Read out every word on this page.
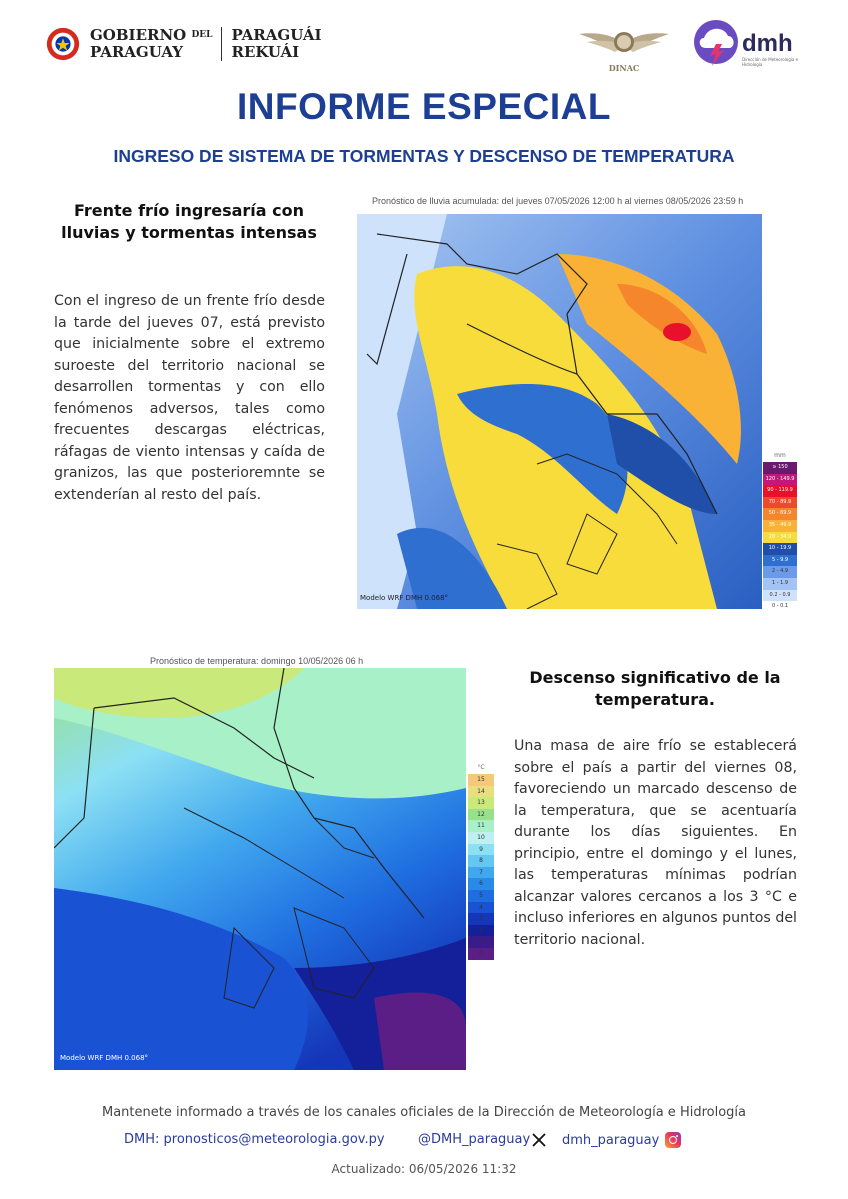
GOBIERNO $^{DEL}$
PARAGUAY
PARAGUÁI
REKUÁI
DINAC
dmh
Dirección de Meteorología e Hidrología
INFORME ESPECIAL
INGRESO DE SISTEMA DE TORMENTAS Y DESCENSO DE TEMPERATURA
Frente frío ingresaría con lluvias y tormentas intensas
Con el ingreso de un frente frío desde la tarde del jueves 07, está previsto que inicialmente sobre el extremo suroeste del territorio nacional se desarrollen tormentas y con ello fenómenos adversos, tales como frecuentes descargas eléctricas, ráfagas de viento intensas y caída de granizos, las que posterioremnte se extenderían al resto del país.
Pronóstico de lluvia acumulada: del jueves 07/05/2026 12:00 h al viernes 08/05/2026 23:59 h
mm
≥ 150
120 - 149.9
90 - 119.9
70 - 89.9
50 - 69.9
35 - 49.9
20 - 34.9
10 - 19.9
5 - 9.9
2 - 4.9
1 - 1.9
0.2 - 0.9
0 - 0.1
Modelo WRF DMH 0.068°
Pronóstico de temperatura: domingo 10/05/2026 06 h
°C
15
14
13
12
11
10
9
8
7
6
5
4
3
2
1
0
Modelo WRF DMH 0.068°
Descenso significativo de la temperatura.
Una masa de aire frío se establecerá sobre el país a partir del viernes 08, favoreciendo un marcado descenso de la temperatura, que se acentuaría durante los días siguientes. En principio, entre el domingo y el lunes, las temperaturas mínimas podrían alcanzar valores cercanos a los 3 °C e incluso inferiores en algunos puntos del territorio nacional.
Mantenete informado a través de los canales oficiales de la Dirección de Meteorología e Hidrología
DMH: pronosticos@meteorologia.gov.py	@DMH_paraguay dmh_paraguay
Actualizado: 06/05/2026 11:32
